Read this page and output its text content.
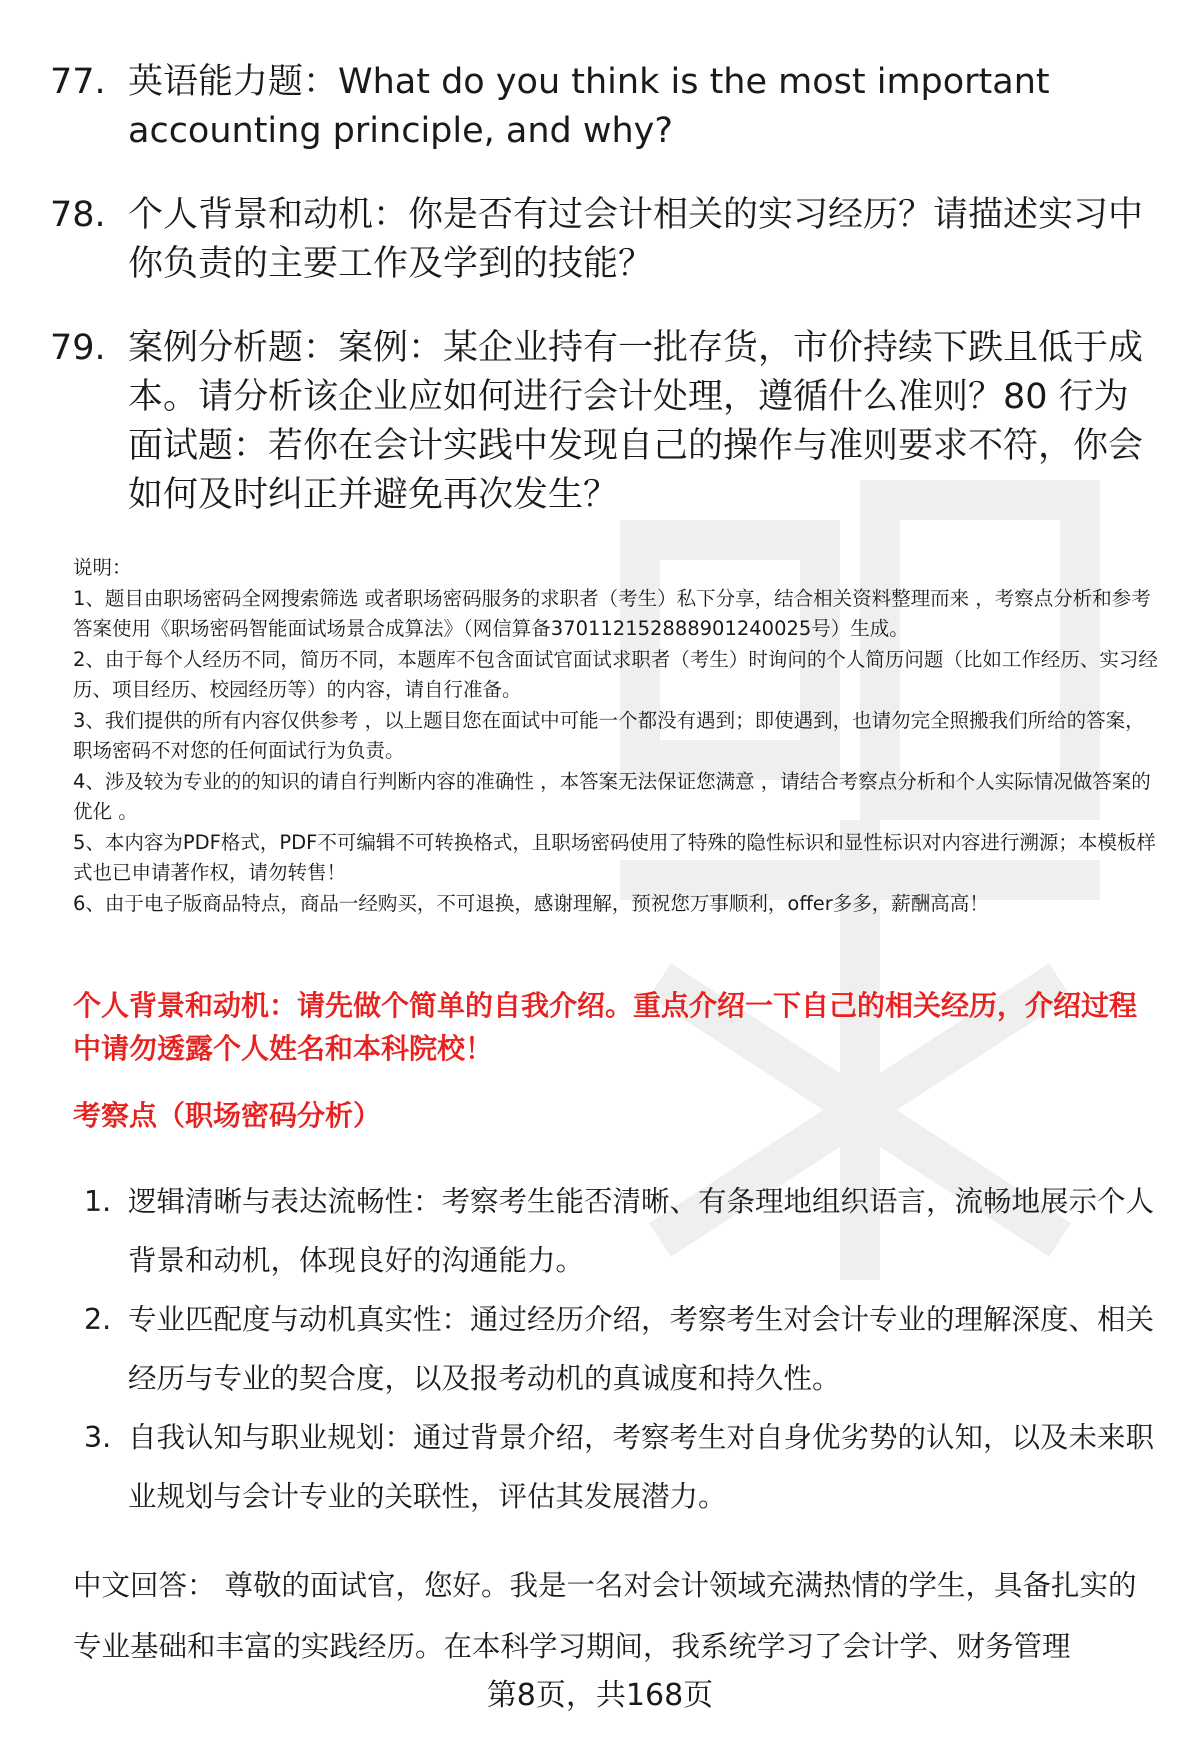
77. 英语能力题：What do you think is the most important accounting principle, and why?
78. 个人背景和动机：你是否有过会计相关的实习经历？请描述实习中你负责的主要工作及学到的技能？
79. 案例分析题：案例：某企业持有一批存货，市价持续下跌且低于成本。请分析该企业应如何进行会计处理，遵循什么准则？80 行为面试题：若你在会计实践中发现自己的操作与准则要求不符，你会如何及时纠正并避免再次发生？

说明：

1、题目由职场密码全网搜索筛选 或者职场密码服务的求职者（考生）私下分享，结合相关资料整理而来 ，考察点分析和参考答案使用《职场密码智能面试场景合成算法》（网信算备370112152888901240025号）生成。

2、由于每个人经历不同，简历不同，本题库不包含面试官面试求职者（考生）时询问的个人简历问题（比如工作经历、实习经历、项目经历、校园经历等）的内容，请自行准备。

3、我们提供的所有内容仅供参考 ，以上题目您在面试中可能一个都没有遇到；即使遇到，也请勿完全照搬我们所给的答案，职场密码不对您的任何面试行为负责。

4、涉及较为专业的的知识的请自行判断内容的准确性 ，本答案无法保证您满意 ，请结合考察点分析和个人实际情况做答案的优化 。

5、本内容为PDF格式，PDF不可编辑不可转换格式，且职场密码使用了特殊的隐性标识和显性标识对内容进行溯源；本模板样式也已申请著作权，请勿转售！

6、由于电子版商品特点，商品一经购买，不可退换，感谢理解，预祝您万事顺利，offer多多，薪酬高高！

个人背景和动机：请先做个简单的自我介绍。重点介绍一下自己的相关经历，介绍过程中请勿透露个人姓名和本科院校！
考察点（职场密码分析）
1. 逻辑清晰与表达流畅性：考察考生能否清晰、有条理地组织语言，流畅地展示个人背景和动机，体现良好的沟通能力。
2. 专业匹配度与动机真实性：通过经历介绍，考察考生对会计专业的理解深度、相关经历与专业的契合度，以及报考动机的真诚度和持久性。
3. 自我认知与职业规划：通过背景介绍，考察考生对自身优劣势的认知，以及未来职业规划与会计专业的关联性，评估其发展潜力。
中文回答： 尊敬的面试官，您好。我是一名对会计领域充满热情的学生，具备扎实的专业基础和丰富的实践经历。在本科学习期间，我系统学习了会计学、财务管理
第8页，共168页
